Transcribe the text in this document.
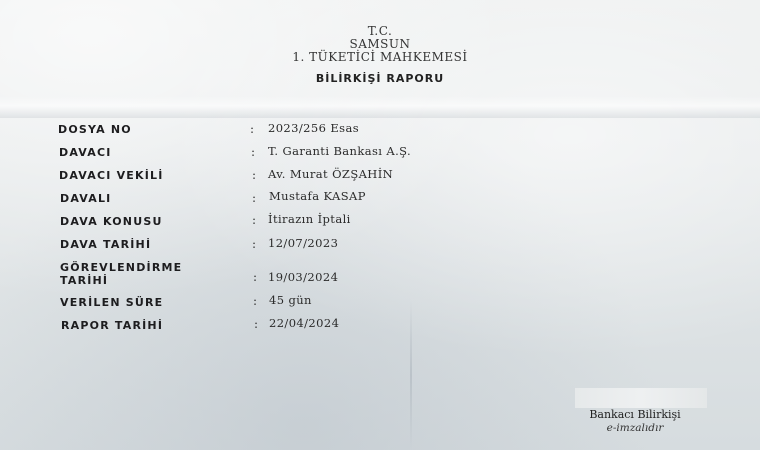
T.C.
SAMSUN
1. TÜKETİCİ MAHKEMESİ
BİLİRKİŞİ RAPORU
DOSYA NO	: 2023/256 Esas
DAVACI	: T. Garanti Bankası A.Ş.
DAVACI VEKİLİ	: Av. Murat ÖZŞAHİN
DAVALI	: Mustafa KASAP
DAVA KONUSU	: İtirazın İptali
DAVA TARİHİ	: 12/07/2023
GÖREVLENDİRME TARİHİ	: 19/03/2024
VERİLEN SÜRE	: 45 gün
RAPOR TARİHİ	: 22/04/2024
Bankacı Bilirkişi
e-imzalıdır
